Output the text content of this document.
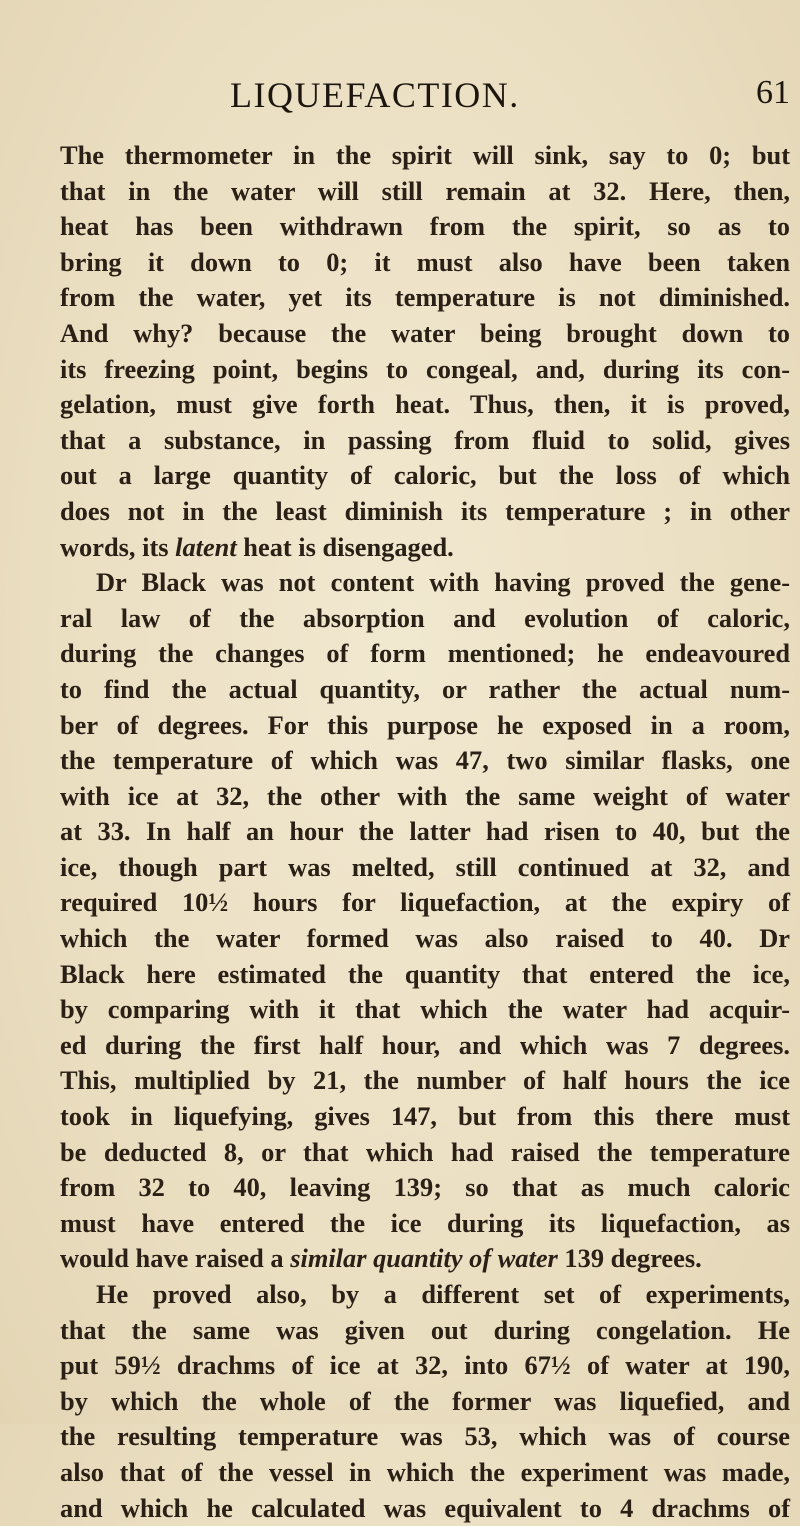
LIQUEFACTION.	61
The thermometer in the spirit will sink, say to 0; but
that in the water will still remain at 32. Here, then,
heat has been withdrawn from the spirit, so as to
bring it down to 0; it must also have been taken
from the water, yet its temperature is not diminished.
And why? because the water being brought down to
its freezing point, begins to congeal, and, during its con-
gelation, must give forth heat. Thus, then, it is proved,
that a substance, in passing from fluid to solid, gives
out a large quantity of caloric, but the loss of which
does not in the least diminish its temperature ; in other
words, its latent heat is disengaged.
Dr Black was not content with having proved the gene-
ral law of the absorption and evolution of caloric,
during the changes of form mentioned; he endeavoured
to find the actual quantity, or rather the actual num-
ber of degrees. For this purpose he exposed in a room,
the temperature of which was 47, two similar flasks, one
with ice at 32, the other with the same weight of water
at 33. In half an hour the latter had risen to 40, but the
ice, though part was melted, still continued at 32, and
required 10½ hours for liquefaction, at the expiry of
which the water formed was also raised to 40. Dr
Black here estimated the quantity that entered the ice,
by comparing with it that which the water had acquir-
ed during the first half hour, and which was 7 degrees.
This, multiplied by 21, the number of half hours the ice
took in liquefying, gives 147, but from this there must
be deducted 8, or that which had raised the temperature
from 32 to 40, leaving 139; so that as much caloric
must have entered the ice during its liquefaction, as
would have raised a similar quantity of water 139 degrees.
He proved also, by a different set of experiments,
that the same was given out during congelation. He
put 59½ drachms of ice at 32, into 67½ of water at 190,
by which the whole of the former was liquefied, and
the resulting temperature was 53, which was of course
also that of the vessel in which the experiment was made,
and which he calculated was equivalent to 4 drachms of
